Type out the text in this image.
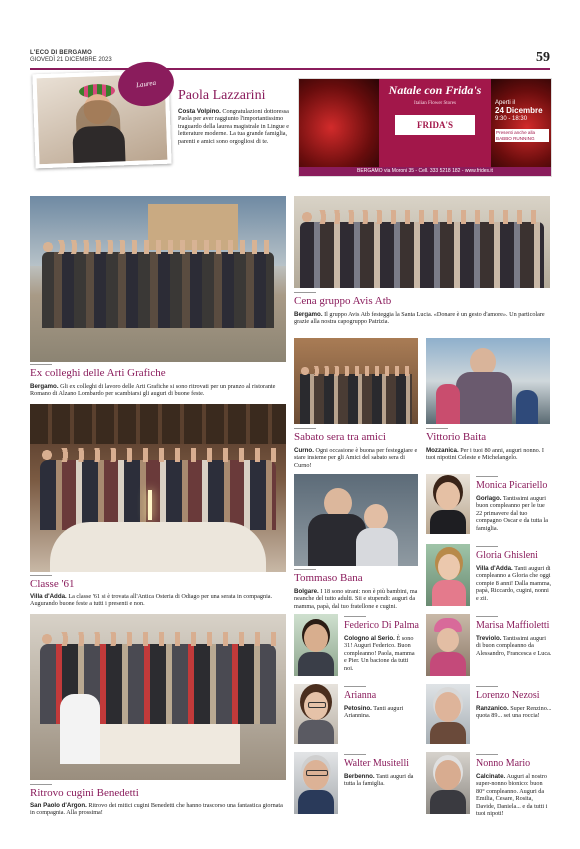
L'ECO DI BERGAMO
GIOVEDÌ 21 DICEMBRE 2023	59
Laurea
Paola Lazzarini
Costa Volpino. Congratulazioni dottoressa Paola per aver raggiunto l'importantissimo traguardo della laurea magistrale in Lingue e letterature moderne. La tua grande famiglia, parenti e amici sono orgogliosi di te.
Natale con Frida's
Italian Flower Stores
FRIDA'S
Aperti il
24 Dicembre
9:30 - 18:30
Presenti anche alla BABBO RUNNING
BERGAMO via Moroni 35 - Cell. 333 5218 182 - www.frides.it
Ex colleghi delle Arti Grafiche
Bergamo. Gli ex colleghi di lavoro delle Arti Grafiche si sono ritrovati per un pranzo al ristorante Romano di Alzano Lombardo per scambiarsi gli auguri di buone feste.
Cena gruppo Avis Atb
Bergamo. Il gruppo Avis Atb festeggia la Santa Lucia. «Donare è un gesto d'amore». Un particolare grazie alla nostra capogruppo Patrizia.
Sabato sera tra amici
Curno. Ogni occasione è buona per festeggiare e stare insieme per gli Amici del sabato sera di Curno!
Vittorio Baita
Mozzanica. Per i tuoi 80 anni, auguri nonno. I tuoi nipotini Celeste e Michelangelo.
Classe '61
Villa d'Adda. La classe '61 si è trovata all'Antica Osteria di Odiago per una serata in compagnia. Augurando buone feste a tutti i presenti e non.
Tommaso Bana
Bolgare. I 18 sono strani: non è più bambini, ma neanche del tutto adulti. Sii e stupendi: auguri da mamma, papà, dal tuo fratellone e cugini.
Monica Picariello
Gorlago. Tantissimi auguri buon compleanno per le tue 22 primavere dal tuo compagno Oscar e da tutta la famiglia.
Gloria Ghisleni
Villa d'Adda. Tanti auguri di compleanno a Gloria che oggi compie 8 anni! Dalla mamma, papà, Riccardo, cugini, nonni e zii.
Federico Di Palma
Cologno al Serio. È sono 31! Auguri Federico. Buon compleanno! Paola, mamma e Pier. Un bacione da tutti noi.
Marisa Maffioletti
Treviolo. Tantissimi auguri di buon compleanno da Alessandro, Francesca e Luca.
Ritrovo cugini Benedetti
San Paolo d'Argon. Ritrovo dei mitici cugini Benedetti che hanno trascorso una fantastica giornata in compagnia. Alla prossima!
Arianna
Petosino. Tanti auguri Ariannina.
Lorenzo Nezosi
Ranzanico. Super Renzino... quota 89... sei una roccia!
Walter Musitelli
Berbenno. Tanti auguri da tutta la famiglia.
Nonno Mario
Calcinate. Auguri al nostro super-nonno bionico: buon 80° compleanno. Auguri da Emilia, Cesare, Rosita, Davide, Daniela... e da tutti i tuoi nipoti!
